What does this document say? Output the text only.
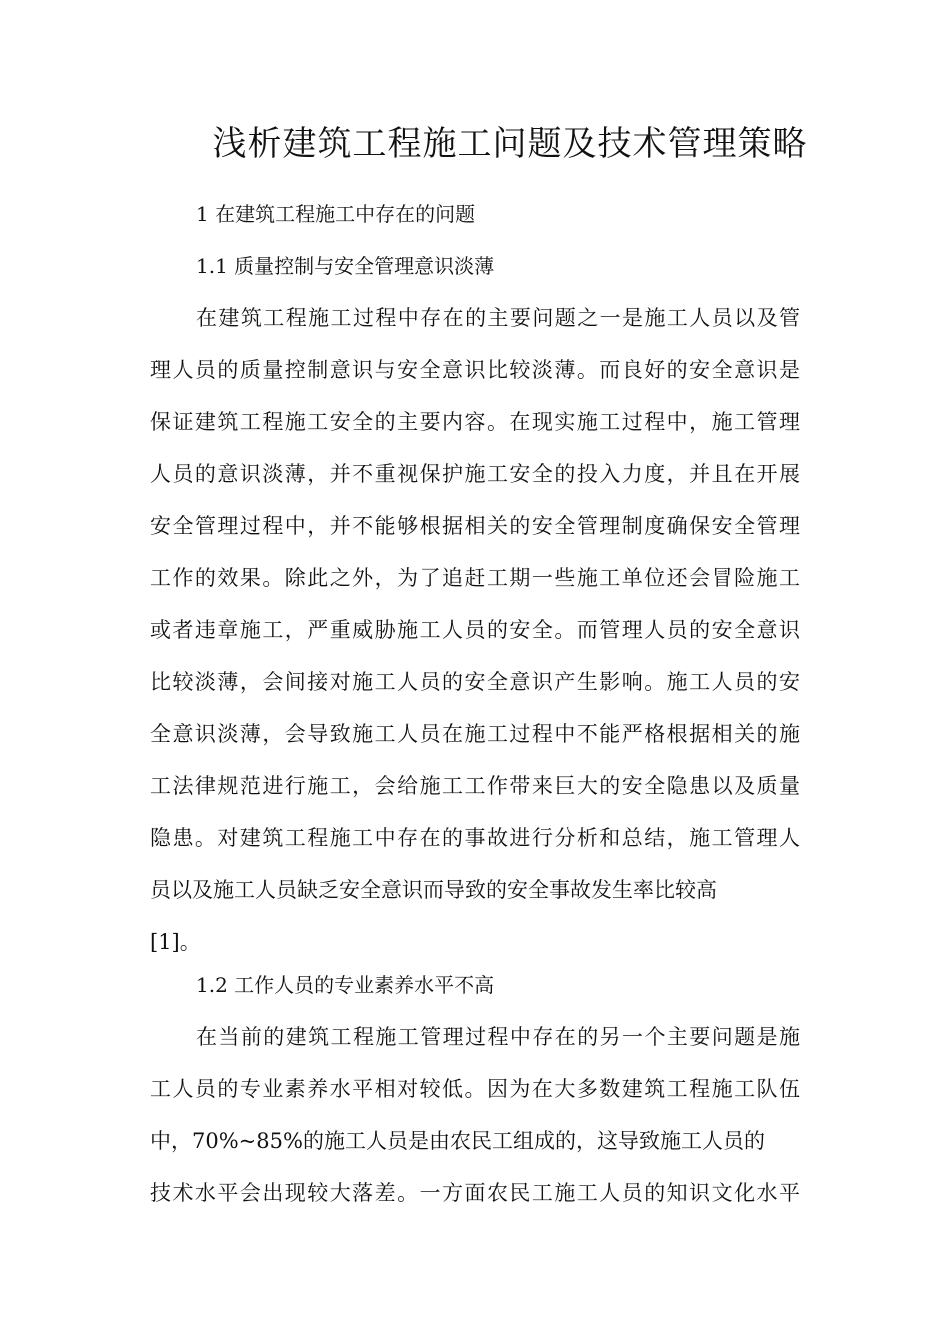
浅析建筑工程施工问题及技术管理策略

1 在建筑工程施工中存在的问题

1.1 质量控制与安全管理意识淡薄

在建筑工程施工过程中存在的主要问题之一是施工人员以及管
理人员的质量控制意识与安全意识比较淡薄。而良好的安全意识是
保证建筑工程施工安全的主要内容。在现实施工过程中，施工管理
人员的意识淡薄，并不重视保护施工安全的投入力度，并且在开展
安全管理过程中，并不能够根据相关的安全管理制度确保安全管理
工作的效果。除此之外，为了追赶工期一些施工单位还会冒险施工
或者违章施工，严重威胁施工人员的安全。而管理人员的安全意识
比较淡薄，会间接对施工人员的安全意识产生影响。施工人员的安
全意识淡薄，会导致施工人员在施工过程中不能严格根据相关的施
工法律规范进行施工，会给施工工作带来巨大的安全隐患以及质量
隐患。对建筑工程施工中存在的事故进行分析和总结，施工管理人
员以及施工人员缺乏安全意识而导致的安全事故发生率比较高
[1]。

1.2 工作人员的专业素养水平不高

在当前的建筑工程施工管理过程中存在的另一个主要问题是施
工人员的专业素养水平相对较低。因为在大多数建筑工程施工队伍
中，70%~85%的施工人员是由农民工组成的，这导致施工人员的
技术水平会出现较大落差。一方面农民工施工人员的知识文化水平
